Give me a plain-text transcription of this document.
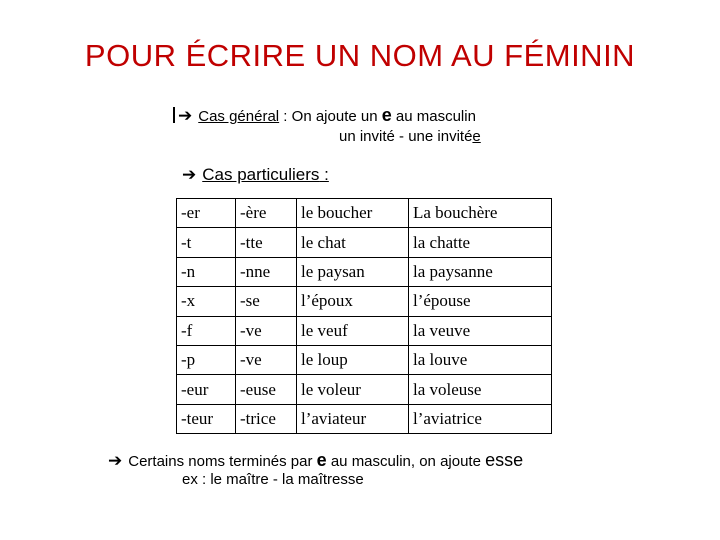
POUR ÉCRIRE UN NOM AU FÉMININ
➔ Cas général : On ajoute un e au masculin
un invité - une invitée
➔ Cas particuliers :
-er	-ère	le boucher	La bouchère
-t	-tte	le chat	la chatte
-n	-nne	le paysan	la paysanne
-x	-se	l’époux	l’épouse
-f	-ve	le veuf	la veuve
-p	-ve	le loup	la louve
-eur	-euse	le voleur	la voleuse
-teur	-trice	l’aviateur	l’aviatrice
➔ Certains noms terminés par e au masculin, on ajoute esse
ex : le maître - la maîtresse
